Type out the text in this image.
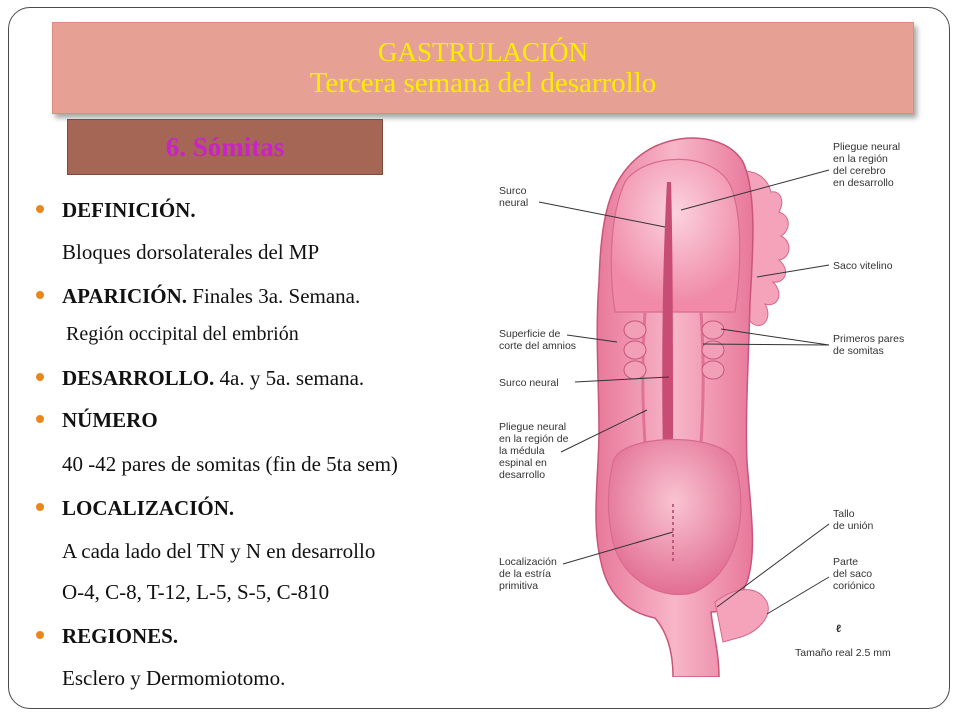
GASTRULACIÓN
Tercera semana del desarrollo
6. Sómitas
DEFINICIÓN.
Bloques dorsolaterales del MP
APARICIÓN. Finales 3a. Semana.
Región occipital del embrión
DESARROLLO. 4a. y 5a. semana.
NÚMERO
40 -42 pares de somitas (fin de 5ta sem)
LOCALIZACIÓN.
A cada lado del TN y N en desarrollo
O-4, C-8, T-12, L-5, S-5, C-810
REGIONES.
Esclero y Dermomiotomo.
Surco neural
Superficie de corte del amnios
Surco neural
Pliegue neural en la región de la médula espinal en desarrollo
Localización de la estría primitiva
Pliegue neural en la región del cerebro en desarrollo
Saco vitelino
Primeros pares de somitas
Tallo de unión
Parte del saco coriónico
ℓ
Tamaño real 2.5 mm
